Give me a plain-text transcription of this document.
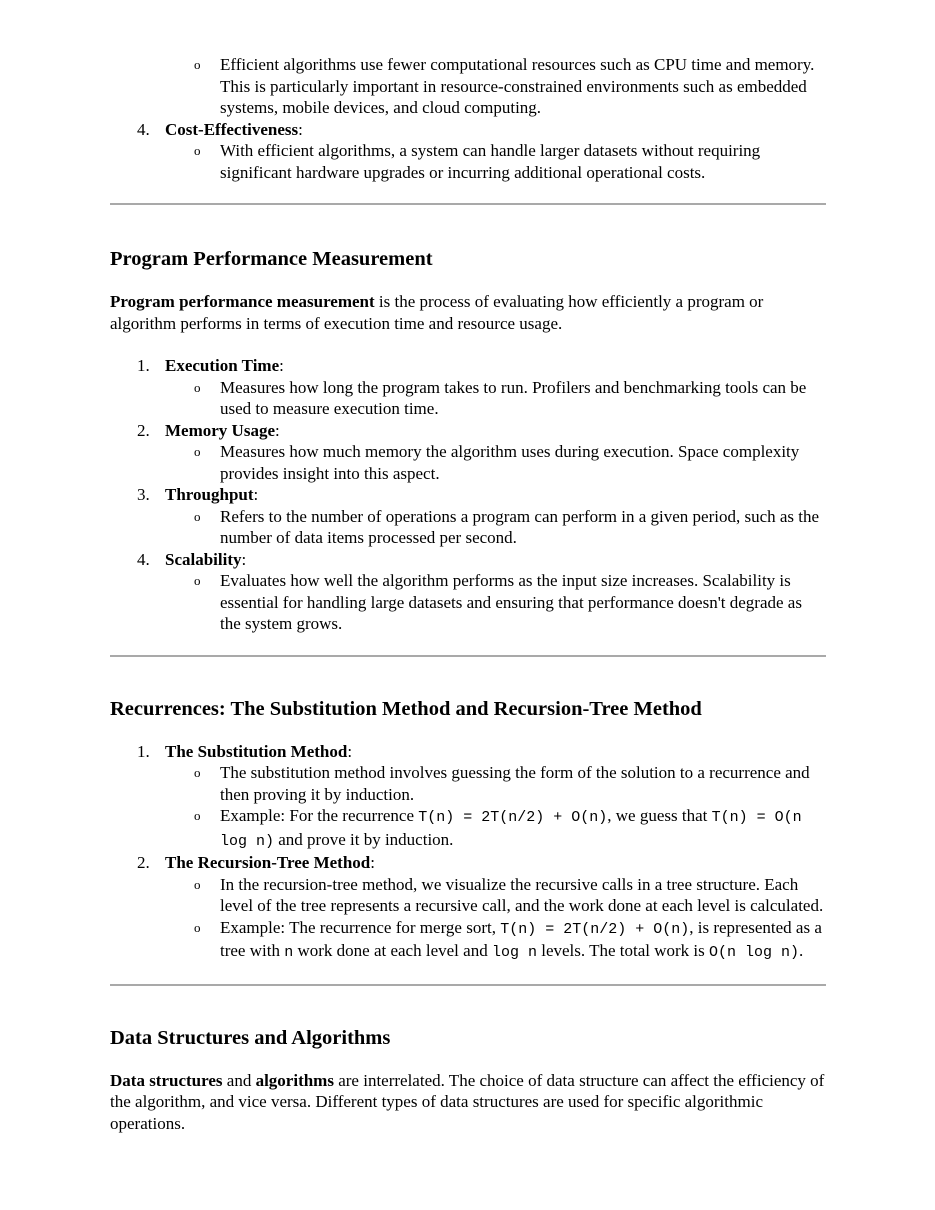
o Efficient algorithms use fewer computational resources such as CPU time and memory. This is particularly important in resource-constrained environments such as embedded systems, mobile devices, and cloud computing.
4. Cost-Effectiveness:
o With efficient algorithms, a system can handle larger datasets without requiring significant hardware upgrades or incurring additional operational costs.
Program Performance Measurement

Program performance measurement is the process of evaluating how efficiently a program or algorithm performs in terms of execution time and resource usage.

1. Execution Time:
o Measures how long the program takes to run. Profilers and benchmarking tools can be used to measure execution time.
2. Memory Usage:
o Measures how much memory the algorithm uses during execution. Space complexity provides insight into this aspect.
3. Throughput:
o Refers to the number of operations a program can perform in a given period, such as the number of data items processed per second.
4. Scalability:
o Evaluates how well the algorithm performs as the input size increases. Scalability is essential for handling large datasets and ensuring that performance doesn't degrade as the system grows.
Recurrences: The Substitution Method and Recursion-Tree Method
1. The Substitution Method:
o The substitution method involves guessing the form of the solution to a recurrence and then proving it by induction.
o Example: For the recurrence T(n) = 2T(n/2) + O(n), we guess that T(n) = O(n log n) and prove it by induction.
2. The Recursion-Tree Method:
o In the recursion-tree method, we visualize the recursive calls in a tree structure. Each level of the tree represents a recursive call, and the work done at each level is calculated.
o Example: The recurrence for merge sort, T(n) = 2T(n/2) + O(n), is represented as a tree with n work done at each level and log n levels. The total work is O(n log n).
Data Structures and Algorithms

Data structures and algorithms are interrelated. The choice of data structure can affect the efficiency of the algorithm, and vice versa. Different types of data structures are used for specific algorithmic operations.
